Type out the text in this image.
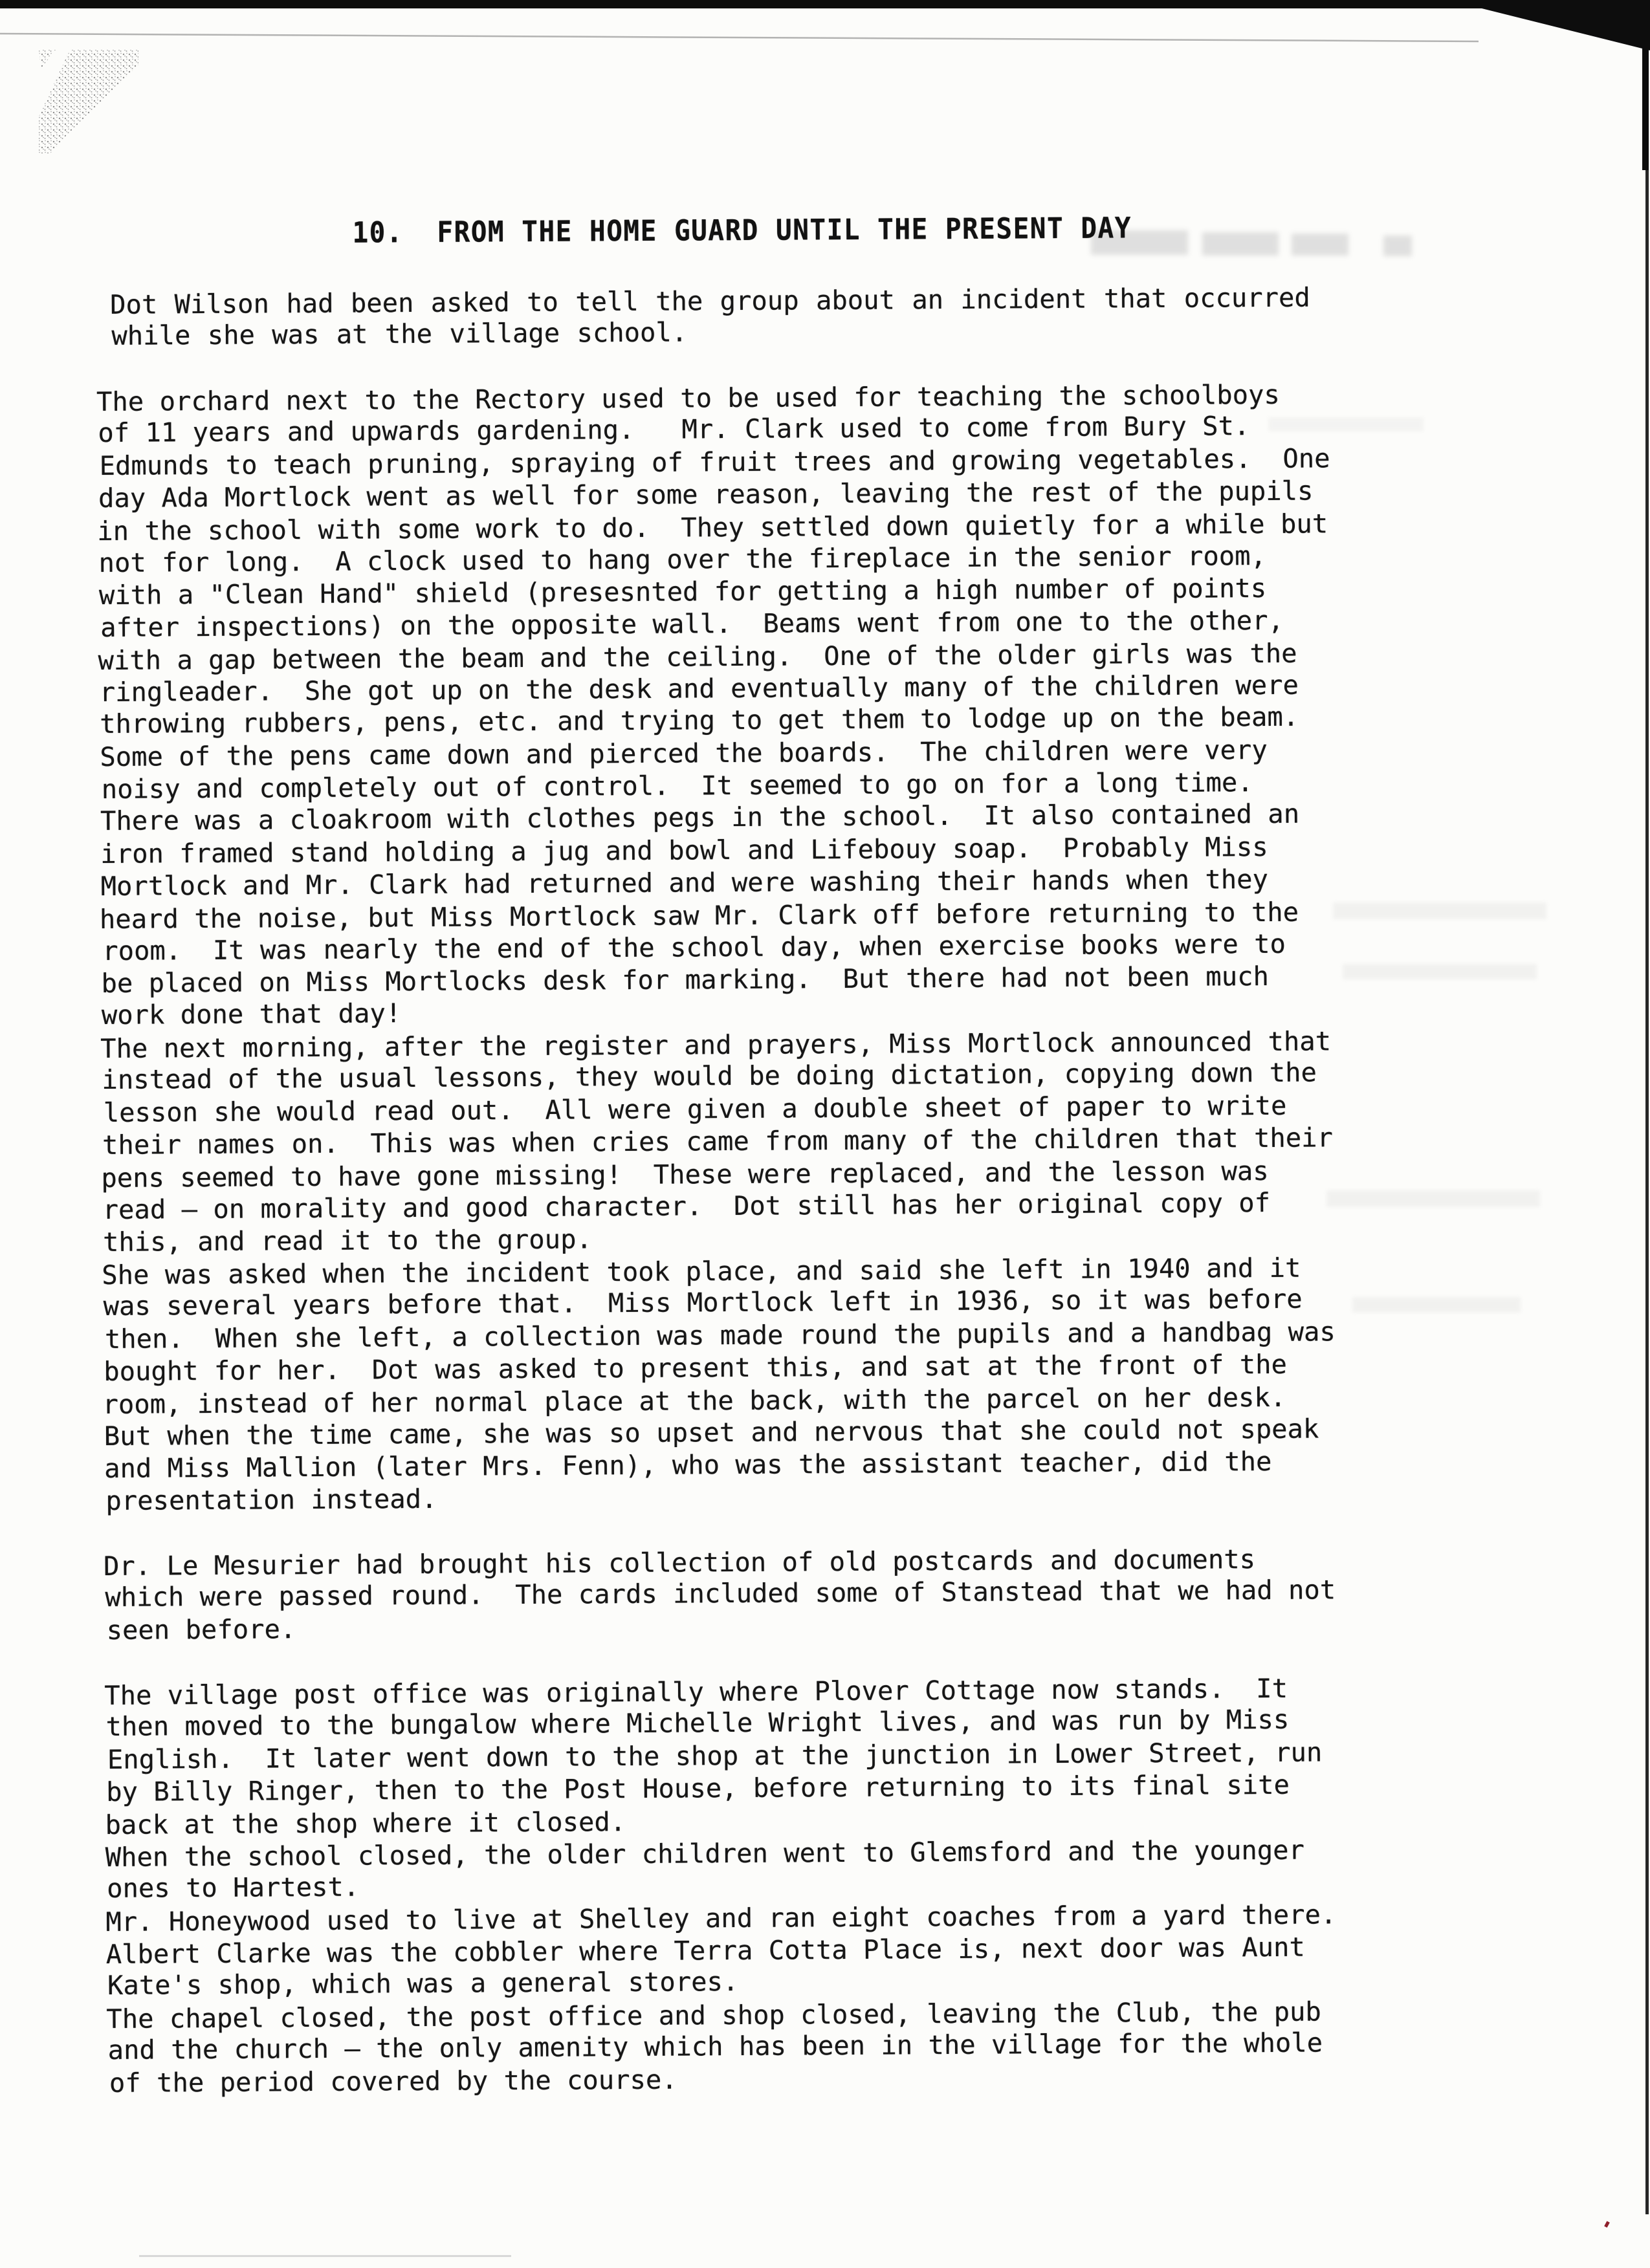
10.  FROM THE HOME GUARD UNTIL THE PRESENT DAY
Dot Wilson had been asked to tell the group about an incident that occurred
while she was at the village school.
The orchard next to the Rectory used to be used for teaching the schoolboys
of 11 years and upwards gardening.   Mr. Clark used to come from Bury St.
Edmunds to teach pruning, spraying of fruit trees and growing vegetables.  One
day Ada Mortlock went as well for some reason, leaving the rest of the pupils
in the school with some work to do.  They settled down quietly for a while but
not for long.  A clock used to hang over the fireplace in the senior room,
with a "Clean Hand" shield (presesnted for getting a high number of points
after inspections) on the opposite wall.  Beams went from one to the other,
with a gap between the beam and the ceiling.  One of the older girls was the
ringleader.  She got up on the desk and eventually many of the children were
throwing rubbers, pens, etc. and trying to get them to lodge up on the beam.
Some of the pens came down and pierced the boards.  The children were very
noisy and completely out of control.  It seemed to go on for a long time.
There was a cloakroom with clothes pegs in the school.  It also contained an
iron framed stand holding a jug and bowl and Lifebouy soap.  Probably Miss
Mortlock and Mr. Clark had returned and were washing their hands when they
heard the noise, but Miss Mortlock saw Mr. Clark off before returning to the
room.  It was nearly the end of the school day, when exercise books were to
be placed on Miss Mortlocks desk for marking.  But there had not been much
work done that day!
The next morning, after the register and prayers, Miss Mortlock announced that
instead of the usual lessons, they would be doing dictation, copying down the
lesson she would read out.  All were given a double sheet of paper to write
their names on.  This was when cries came from many of the children that their
pens seemed to have gone missing!  These were replaced, and the lesson was
read – on morality and good character.  Dot still has her original copy of
this, and read it to the group.
She was asked when the incident took place, and said she left in 1940 and it
was several years before that.  Miss Mortlock left in 1936, so it was before
then.  When she left, a collection was made round the pupils and a handbag was
bought for her.  Dot was asked to present this, and sat at the front of the
room, instead of her normal place at the back, with the parcel on her desk.
But when the time came, she was so upset and nervous that she could not speak
and Miss Mallion (later Mrs. Fenn), who was the assistant teacher, did the
presentation instead.
Dr. Le Mesurier had brought his collection of old postcards and documents
which were passed round.  The cards included some of Stanstead that we had not
seen before.
The village post office was originally where Plover Cottage now stands.  It
then moved to the bungalow where Michelle Wright lives, and was run by Miss
English.  It later went down to the shop at the junction in Lower Street, run
by Billy Ringer, then to the Post House, before returning to its final site
back at the shop where it closed.
When the school closed, the older children went to Glemsford and the younger
ones to Hartest.
Mr. Honeywood used to live at Shelley and ran eight coaches from a yard there.
Albert Clarke was the cobbler where Terra Cotta Place is, next door was Aunt
Kate's shop, which was a general stores.
The chapel closed, the post office and shop closed, leaving the Club, the pub
and the church – the only amenity which has been in the village for the whole
of the period covered by the course.
